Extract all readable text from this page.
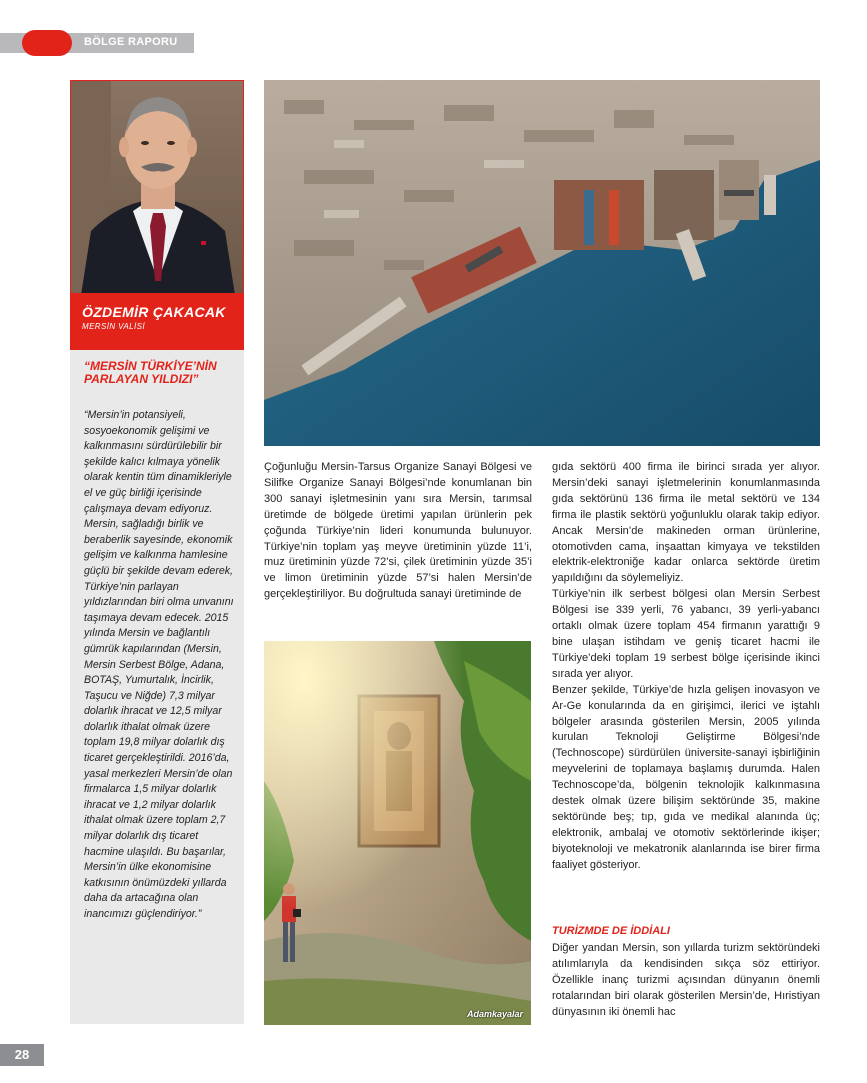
BÖLGE RAPORU
ÖZDEMİR ÇAKACAK
MERSİN VALİSİ
“MERSİN TÜRKİYE’NİN PARLAYAN YILDIZI”
“Mersin’in potansiyeli, sosyoekonomik gelişimi ve kalkınmasını sürdürülebilir bir şekilde kalıcı kılmaya yönelik olarak kentin tüm dinamikleriyle el ve güç birliği içerisinde çalışmaya devam ediyoruz. Mersin, sağladığı birlik ve beraberlik sayesinde, ekonomik gelişim ve kalkınma hamlesine güçlü bir şekilde devam ederek, Türkiye’nin parlayan yıldızlarından biri olma unvanını taşımaya devam edecek. 2015 yılında Mersin ve bağlantılı gümrük kapılarından (Mersin, Mersin Serbest Bölge, Adana, BOTAŞ, Yumurtalık, İncirlik, Taşucu ve Niğde) 7,3 milyar dolarlık ihracat ve 12,5 milyar dolarlık ithalat olmak üzere toplam 19,8 milyar dolarlık dış ticaret gerçekleştirildi. 2016’da, yasal merkezleri Mersin’de olan firmalarca 1,5 milyar dolarlık ihracat ve 1,2 milyar dolarlık ithalat olmak üzere toplam 2,7 milyar dolarlık dış ticaret hacmine ulaşıldı. Bu başarılar, Mersin’in ülke ekonomisine katkısının önümüzdeki yıllarda daha da artacağına olan inancımızı güçlendiriyor.”
Adamkayalar

Çoğunluğu Mersin-Tarsus Organize Sanayi Bölgesi ve Silifke Organize Sanayi Bölgesi’nde konumlanan bin 300 sanayi işletmesinin yanı sıra Mersin, tarımsal üretimde de bölgede üretimi yapılan ürünlerin pek çoğunda Türkiye’nin lideri konumunda bulunuyor. Türkiye’nin toplam yaş meyve üretiminin yüzde 11’i, muz üretiminin yüzde 72’si, çilek üretiminin yüzde 35’i ve limon üretiminin yüzde 57’si halen Mersin’de gerçekleştiriliyor. Bu doğrultuda sanayi üretiminde de

gıda sektörü 400 firma ile birinci sırada yer alıyor. Mersin’deki sanayi işletmelerinin konumlanmasında gıda sektörünü 136 firma ile metal sektörü ve 134 firma ile plastik sektörü yoğunluklu olarak takip ediyor. Ancak Mersin’de makineden orman ürünlerine, otomotivden cama, inşaattan kimyaya ve tekstilden elektrik-elektroniğe kadar onlarca sektörde üretim yapıldığını da söylemeliyiz.

Türkiye’nin ilk serbest bölgesi olan Mersin Serbest Bölgesi ise 339 yerli, 76 yabancı, 39 yerli-yabancı ortaklı olmak üzere toplam 454 firmanın yarattığı 9 bine ulaşan istihdam ve geniş ticaret hacmi ile Türkiye’deki toplam 19 serbest bölge içerisinde ikinci sırada yer alıyor.

Benzer şekilde, Türkiye’de hızla gelişen inovasyon ve Ar-Ge konularında da en girişimci, ilerici ve iştahlı bölgeler arasında gösterilen Mersin, 2005 yılında kurulan Teknoloji Geliştirme Bölgesi’nde (Technoscope) sürdürülen üniversite-sanayi işbirliğinin meyvelerini de toplamaya başlamış durumda. Halen Technoscope’da, bölgenin teknolojik kalkınmasına destek olmak üzere bilişim sektöründe 35, makine sektöründe beş; tıp, gıda ve medikal alanında üç; elektronik, ambalaj ve otomotiv sektörlerinde ikişer; biyoteknoloji ve mekatronik alanlarında ise birer firma faaliyet gösteriyor.

TURİZMDE DE İDDİALI

Diğer yandan Mersin, son yıllarda turizm sektöründeki atılımlarıyla da kendisinden sıkça söz ettiriyor. Özellikle inanç turizmi açısından dünyanın önemli rotalarından biri olarak gösterilen Mersin’de, Hıristiyan dünyasının iki önemli hac

28
